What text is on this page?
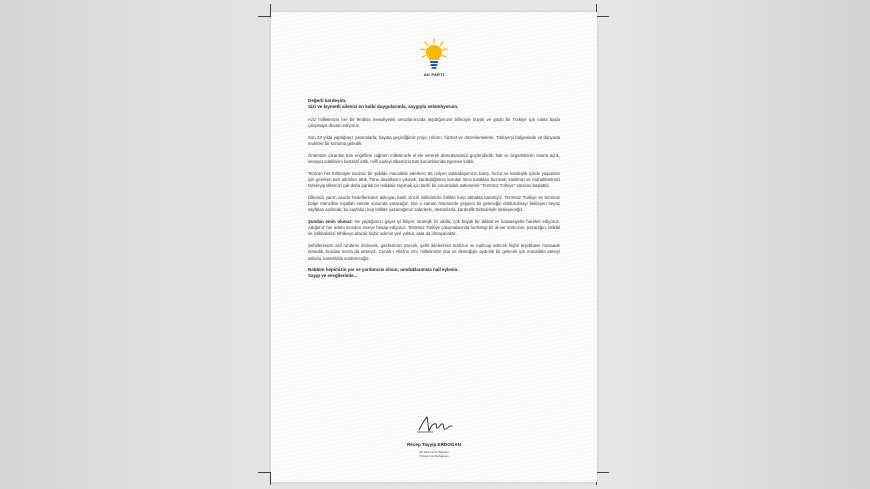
AK PARTİ

Değerli kardeşim,

Sizi ve kıymetli ailenizi en kalbi duygularımla, saygıyla selamlıyorum.

Aziz milletimizin her bir ferdinin mesuliyetini omuzlarımızda taşıdığımızın bilinciyle büyük ve güçlü bir Türkiye için canla başla çalışmaya devam ediyoruz.

Son 23 yılda yaptığımız yatırımlarla, hayata geçirdiğimiz proje, reform, hizmet ve düzenlemelerle, Türkiye'yi bölgesinde ve dünyada muteber bir konuma getirdik.

Önümüze çıkarılan tüm engellere rağmen milletimizle el ele vererek demokrasimizi güçlendirdik, hak ve özgürlüklerin önünü açtık, vesayet odaklarını bertaraf ettik, millî iradeyi ülkemizin tüm kurumlarında egemen kıldık.

Terörün her türlüsüyle tavizsiz bir şekilde mücadele ederken; 86 milyon vatandaşımızın barış, huzur ve kardeşlik içinde yaşaması için gereken tüm adımları attık. Fitne duvarlarını yıkmak; kardeşliğimize kurulan sinsi tuzakları bozmak; kavlimizi ve muhabbetimizi tazeleyip ülkemizi çok daha parlak bir istikbale taşımak için tarihî bir sorumluluk üstlenerek "Terörsüz Türkiye" sürecini başlattık.

Ülkemizi yarım asırdır hedeflerinden alıkoyan kanlı zinciri milletimizle birlikte kırıp atmakta kararlıyız. Terörsüz Türkiye ve terörsüz bölge menziline inşallah eninde sonunda varacağız. İşte o zaman önümüzde yepyeni bir geleceğin doldurulmayı bekleyen beyaz sayfaları açılacak; bu sayfaları hep birlikte yazacağımız zaferlerle, destanlarla, kardeşlik türküleriyle süsleyeceğiz.

Şundan emin olunuz: Ne yaptığımızı gayet iyi biliyor; stratejik bir akılla, çok büyük bir dikkat ve hassasiyetle hareket ediyoruz. Attığımız her adımı inceden inceye hesap ediyoruz. Terörsüz Türkiye çalışmalarında herhangi bir al-ver sürecinin, pazarlığın, istiklal ve istikbalimizi tehlikeye atacak hiçbir adımın yeri yoktur, asla da olmayacaktır.

Şehitlerimizin asil ruhlarını incitecek, gazilerimizi üzecek, şehit ailelerimizi mahzun ve mahcup edecek hiçbir teşebbüse müsaade etmedik, bundan sonra da etmeyiz. Cenab-ı Allah'ın izni, milletimizin dua ve desteğiyle aydınlık bir gelecek için mücadele etmeyi sabırla, kararlılıkla sürdüreceğiz.

Rabbim hepimizin yar ve yardımcısı olsun; umduklarımıza nail eylesin.

Saygı ve sevgilerimle...

Recep Tayyip ERDOĞAN
AK Parti Genel Başkanı
Türkiye Cumhurbaşkanı
